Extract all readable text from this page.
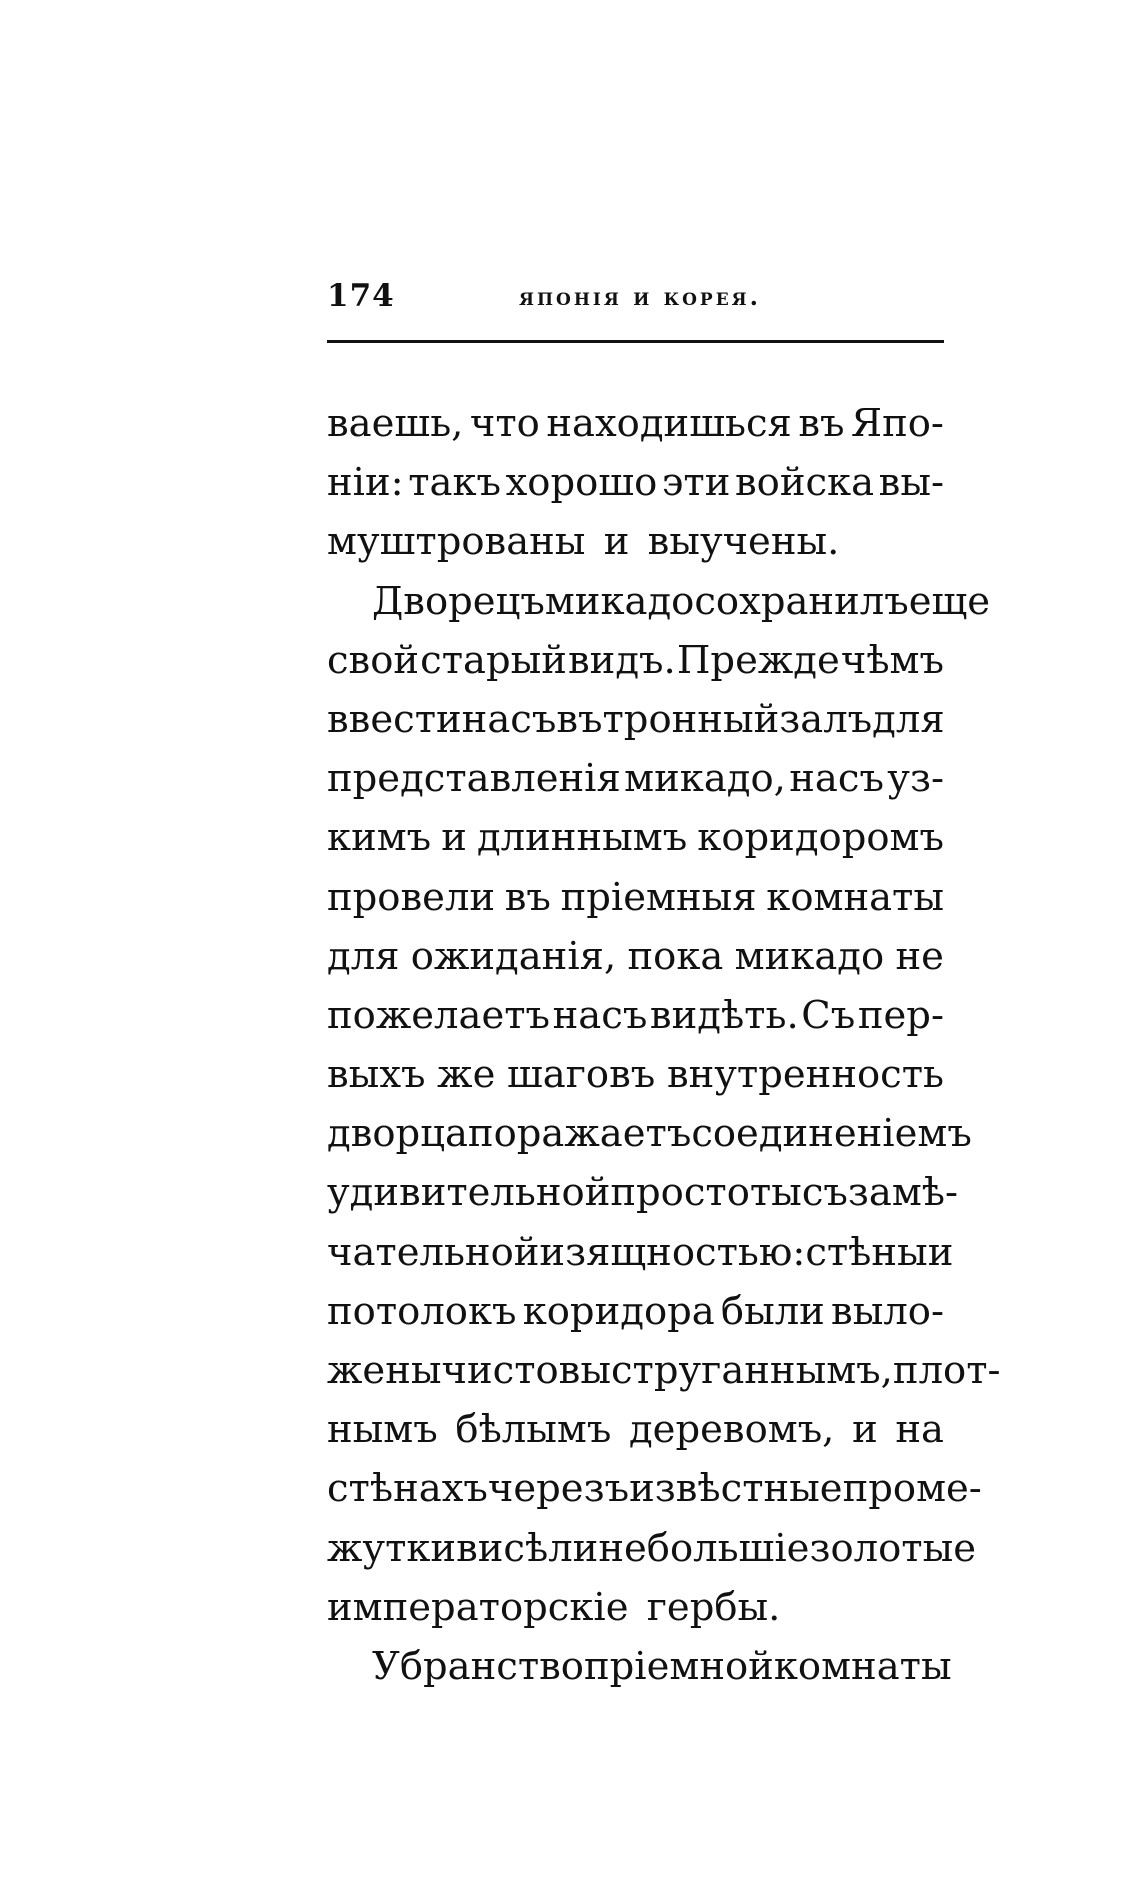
174	японія и корея.
ваешь, что находишься въ Япо-
ніи: такъ хорошо эти войска вы-
муштрованы
и
выучены.
Дворецъ микадо сохранилъ еще
свой старый видъ. Прежде чѣмъ
ввести насъ въ тронный залъ для
представленія микадо, насъ уз-
кимъ и длиннымъ коридоромъ
провели въ пріемныя комнаты
для ожиданія, пока микадо не
пожелаетъ насъ видѣть. Съ пер-
выхъ же шаговъ внутренность
дворца поражаетъ соединеніемъ
удивительной простоты съ замѣ-
чательной изящностью: стѣны и
потолокъ коридора были выло-
жены чисто выструганнымъ, плот-
нымъ бѣлымъ деревомъ, и на
стѣнахъ черезъ извѣстные проме-
жутки висѣли небольшіе золотые
императорскіе
гербы.
Убранство пріемной комнаты
